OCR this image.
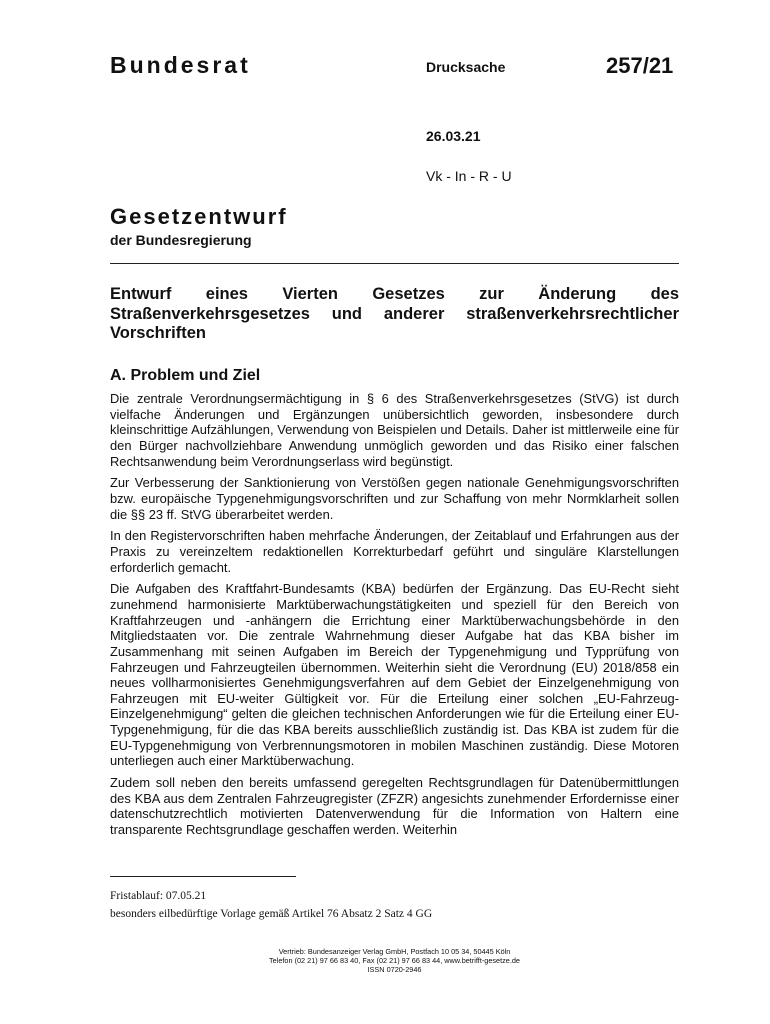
Bundesrat	Drucksache	257/21
26.03.21
Vk - In - R - U
Gesetzentwurf
der Bundesregierung
Entwurf eines Vierten Gesetzes zur Änderung des Straßenverkehrsgesetzes und anderer straßenverkehrsrechtlicher Vorschriften
A. Problem und Ziel

Die zentrale Verordnungsermächtigung in § 6 des Straßenverkehrsgesetzes (StVG) ist durch vielfache Änderungen und Ergänzungen unübersichtlich geworden, insbesondere durch kleinschrittige Aufzählungen, Verwendung von Beispielen und Details. Daher ist mittlerweile eine für den Bürger nachvollziehbare Anwendung unmöglich geworden und das Risiko einer falschen Rechtsanwendung beim Verordnungserlass wird begünstigt.

Zur Verbesserung der Sanktionierung von Verstößen gegen nationale Genehmigungsvorschriften bzw. europäische Typgenehmigungsvorschriften und zur Schaffung von mehr Normklarheit sollen die §§ 23 ff. StVG überarbeitet werden.

In den Registervorschriften haben mehrfache Änderungen, der Zeitablauf und Erfahrungen aus der Praxis zu vereinzeltem redaktionellen Korrekturbedarf geführt und singuläre Klarstellungen erforderlich gemacht.

Die Aufgaben des Kraftfahrt-Bundesamts (KBA) bedürfen der Ergänzung. Das EU-Recht sieht zunehmend harmonisierte Marktüberwachungstätigkeiten und speziell für den Bereich von Kraftfahrzeugen und -anhängern die Errichtung einer Marktüberwachungsbehörde in den Mitgliedstaaten vor. Die zentrale Wahrnehmung dieser Aufgabe hat das KBA bisher im Zusammenhang mit seinen Aufgaben im Bereich der Typgenehmigung und Typprüfung von Fahrzeugen und Fahrzeugteilen übernommen. Weiterhin sieht die Verordnung (EU) 2018/858 ein neues vollharmonisiertes Genehmigungsverfahren auf dem Gebiet der Einzelgenehmigung von Fahrzeugen mit EU-weiter Gültigkeit vor. Für die Erteilung einer solchen „EU-Fahrzeug-Einzelgenehmigung“ gelten die gleichen technischen Anforderungen wie für die Erteilung einer EU-Typgenehmigung, für die das KBA bereits ausschließlich zuständig ist. Das KBA ist zudem für die EU-Typgenehmigung von Verbrennungsmotoren in mobilen Maschinen zuständig. Diese Motoren unterliegen auch einer Marktüberwachung.

Zudem soll neben den bereits umfassend geregelten Rechtsgrundlagen für Datenübermittlungen des KBA aus dem Zentralen Fahrzeugregister (ZFZR) angesichts zunehmender Erfordernisse einer datenschutzrechtlich motivierten Datenverwendung für die Information von Haltern eine transparente Rechtsgrundlage geschaffen werden. Weiterhin

Fristablauf: 07.05.21
besonders eilbedürftige Vorlage gemäß Artikel 76 Absatz 2 Satz 4 GG
Vertrieb: Bundesanzeiger Verlag GmbH, Postfach 10 05 34, 50445 Köln
Telefon (02 21) 97 66 83 40, Fax (02 21) 97 66 83 44, www.betrifft-gesetze.de
ISSN 0720-2946
